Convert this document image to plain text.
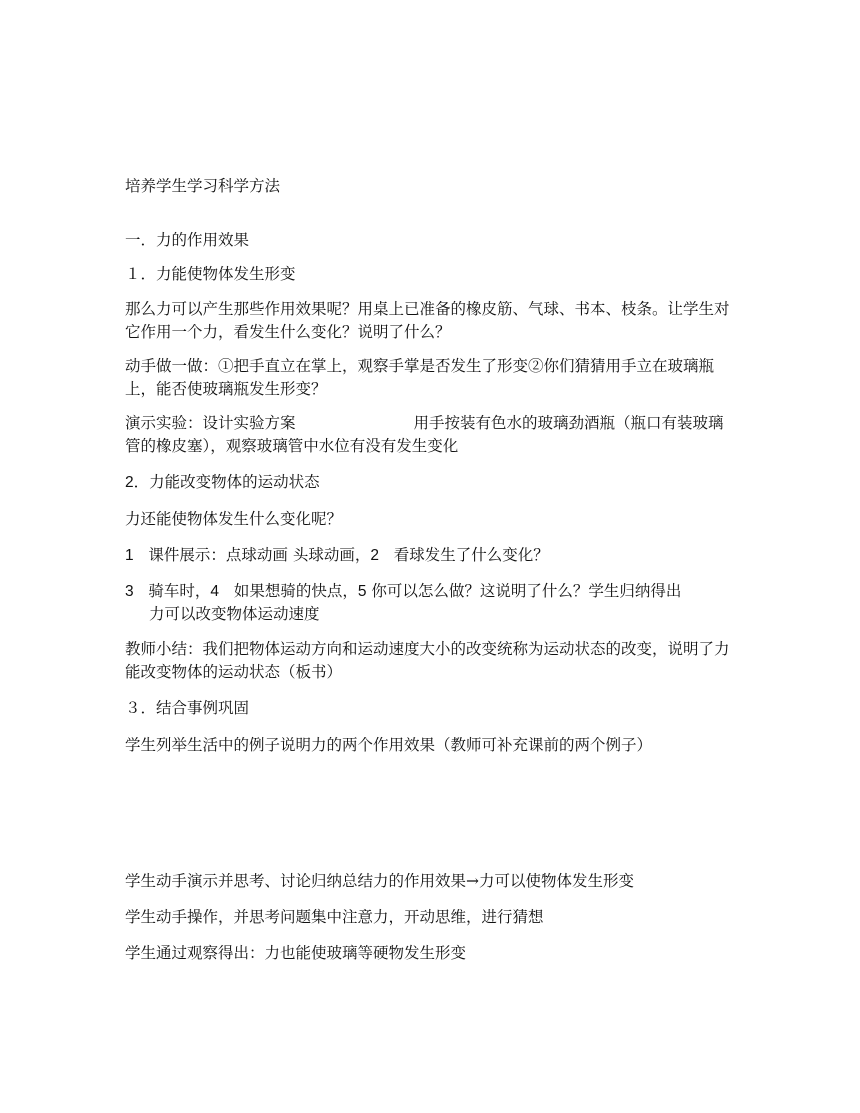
培养学生学习科学方法
一．力的作用效果
１．力能使物体发生形变
那么力可以产生那些作用效果呢？用桌上已准备的橡皮筋、气球、书本、枝条。让学生对它作用一个力，看发生什么变化？说明了什么？
动手做一做：①把手直立在掌上，观察手掌是否发生了形变②你们猜猜用手立在玻璃瓶上，能否使玻璃瓶发生形变？
演示实验：设计实验方案	用手按装有色水的玻璃劲酒瓶（瓶口有装玻璃管的橡皮塞），观察玻璃管中水位有没有发生变化
2．力能改变物体的运动状态
力还能使物体发生什么变化呢？
1 课件展示：点球动画 头球动画，2 看球发生了什么变化？
3 骑车时，4 如果想骑的快点，5 你可以怎么做？这说明了什么？学生归纳得出
力可以改变物体运动速度
教师小结：我们把物体运动方向和运动速度大小的改变统称为运动状态的改变，说明了力能改变物体的运动状态（板书）
３．结合事例巩固
学生列举生活中的例子说明力的两个作用效果（教师可补充课前的两个例子）
学生动手演示并思考、讨论归纳总结力的作用效果→力可以使物体发生形变
学生动手操作，并思考问题集中注意力，开动思维，进行猜想
学生通过观察得出：力也能使玻璃等硬物发生形变
